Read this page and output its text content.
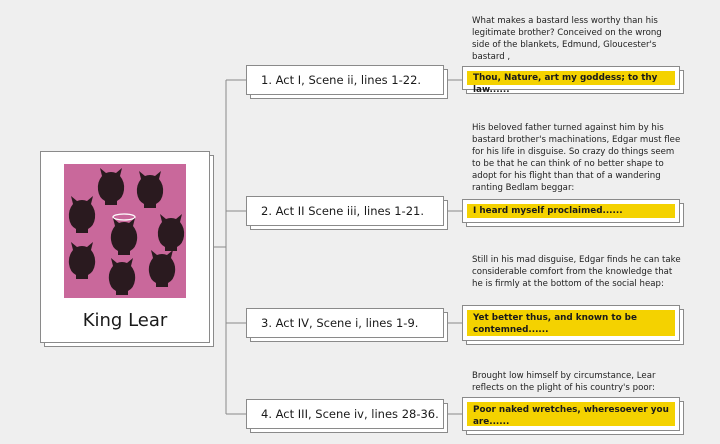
King Lear
1. Act I, Scene ii, lines 1-22.
What makes a bastard less worthy than his legitimate brother? Conceived on the wrong side of the blankets, Edmund, Gloucester's bastard ,
Thou, Nature, art my goddess; to thy law......
2. Act II Scene iii, lines 1-21.
His beloved father turned against him by his bastard brother's machinations, Edgar must flee for his life in disguise. So crazy do things seem to be that he can think of no better shape to adopt for his flight than that of a wandering ranting Bedlam beggar:
I heard myself proclaimed......
3. Act IV, Scene i, lines 1-9.
Still in his mad disguise, Edgar finds he can take considerable comfort from the knowledge that he is firmly at the bottom of the social heap:
Yet better thus, and known to be contemned......
4. Act III, Scene iv, lines 28-36.
Brought low himself by circumstance, Lear reflects on the plight of his country's poor:
Poor naked wretches, wheresoever you are......
